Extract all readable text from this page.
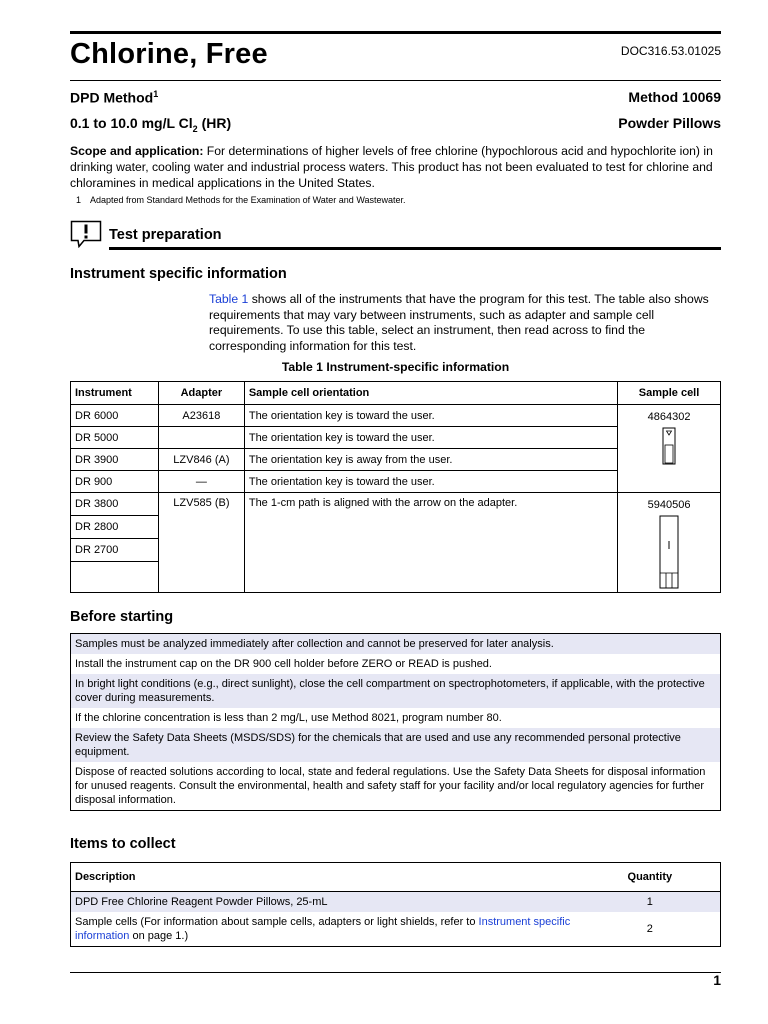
Chlorine, Free	DOC316.53.01025
DPD Method$^1$	Method 10069
0.1 to 10.0 mg/L $Cl_2$ (HR)	Powder Pillows

Scope and application: For determinations of higher levels of free chlorine (hypochlorous acid and hypochlorite ion) in drinking water, cooling water and industrial process waters. This product has not been evaluated to test for chlorine and chloramines in medical applications in the United States.

1 Adapted from Standard Methods for the Examination of Water and Wastewater.
Test preparation
Instrument specific information

Table 1 shows all of the instruments that have the program for this test. The table also shows requirements that may vary between instruments, such as adapter and sample cell requirements. To use this table, select an instrument, then read across to find the corresponding information for this test.

Table 1 Instrument-specific information
Instrument	Adapter	Sample cell orientation	Sample cell
DR 6000	A23618	The orientation key is toward the user.	4864302

DR 5000		The orientation key is toward the user.	
DR 3900	LZV846 (A)	The orientation key is away from the user.	
DR 900	—	The orientation key is toward the user.	
DR 3800	LZV585 (B)	The 1-cm path is aligned with the arrow on the adapter.	5940506

DR 2800			
DR 2700			

Before starting
Samples must be analyzed immediately after collection and cannot be preserved for later analysis.
Install the instrument cap on the DR 900 cell holder before ZERO or READ is pushed.
In bright light conditions (e.g., direct sunlight), close the cell compartment on spectrophotometers, if applicable, with the protective cover during measurements.
If the chlorine concentration is less than 2 mg/L, use Method 8021, program number 80.
Review the Safety Data Sheets (MSDS/SDS) for the chemicals that are used and use any recommended personal protective equipment.
Dispose of reacted solutions according to local, state and federal regulations. Use the Safety Data Sheets for disposal information for unused reagents. Consult the environmental, health and safety staff for your facility and/or local regulatory agencies for further disposal information.
Items to collect
Description	Quantity
DPD Free Chlorine Reagent Powder Pillows, 25-mL	1
Sample cells (For information about sample cells, adapters or light shields, refer to Instrument specific information on page 1.)	2
1
